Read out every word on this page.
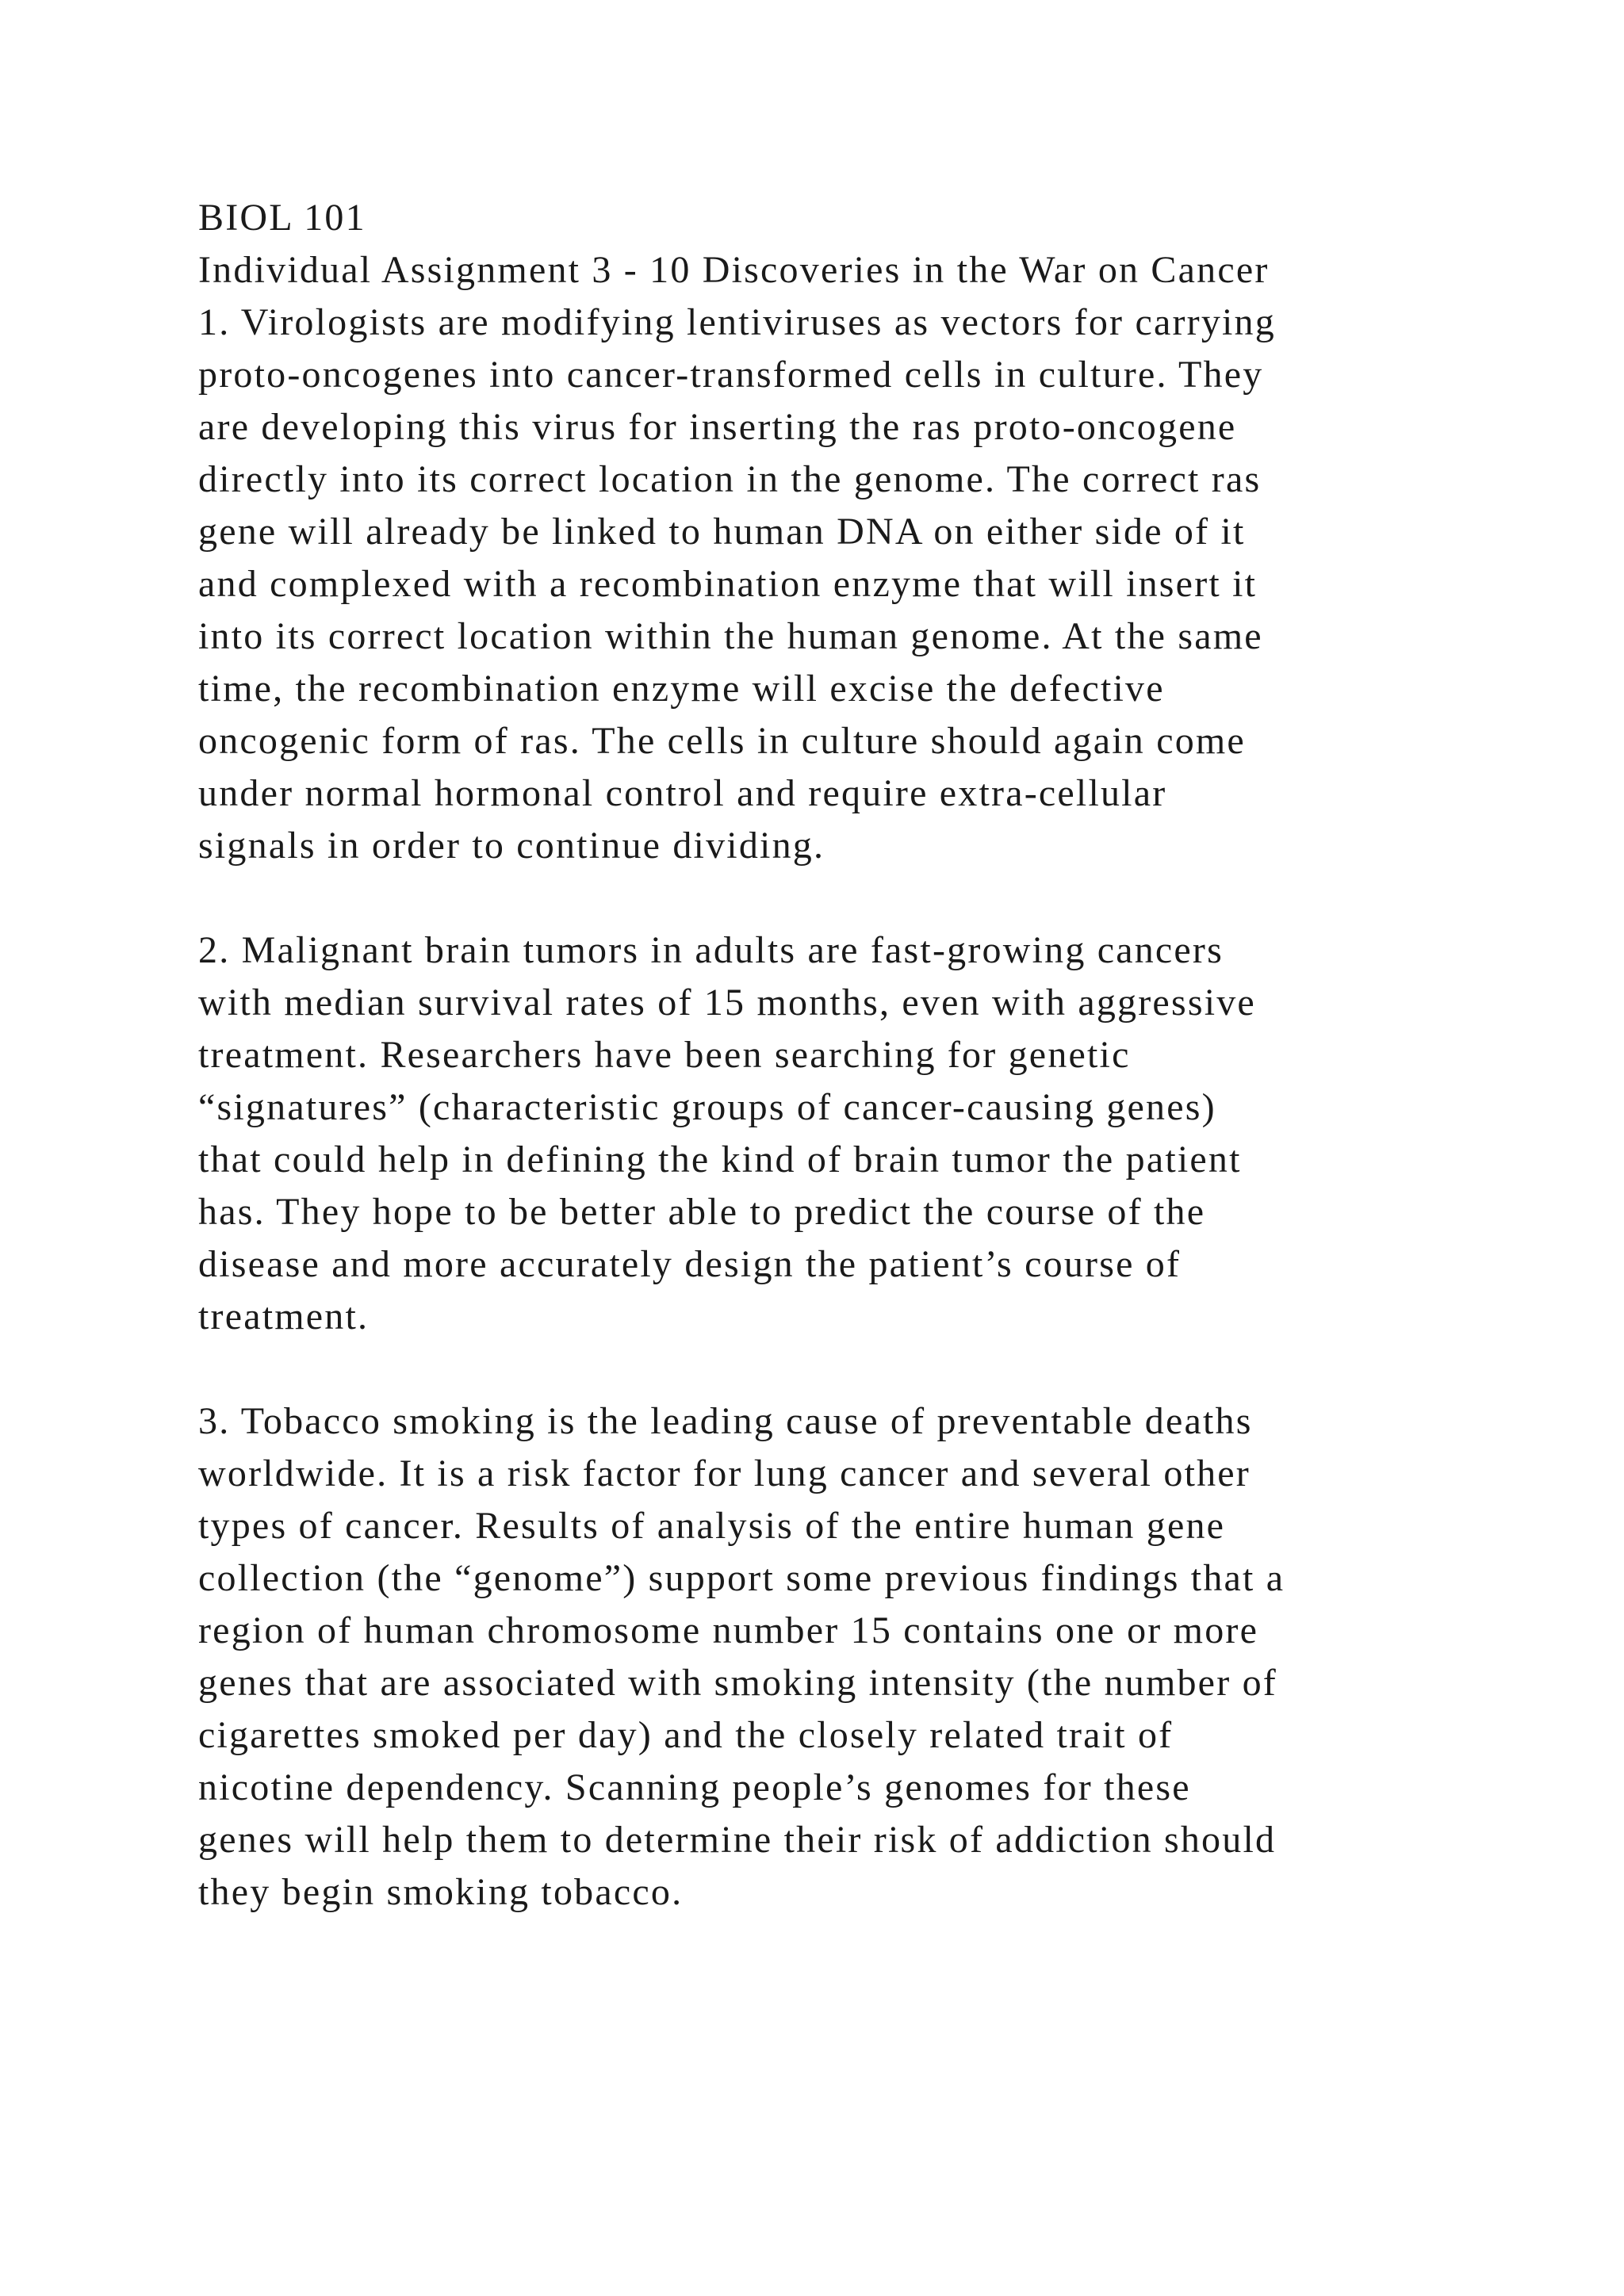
BIOL 101
Individual Assignment 3 - 10 Discoveries in the War on Cancer
1. Virologists are modifying lentiviruses as vectors for carrying
proto-oncogenes into cancer-transformed cells in culture. They
are developing this virus for inserting the ras proto-oncogene
directly into its correct location in the genome. The correct ras
gene will already be linked to human DNA on either side of it
and complexed with a recombination enzyme that will insert it
into its correct location within the human genome. At the same
time, the recombination enzyme will excise the defective
oncogenic form of ras. The cells in culture should again come
under normal hormonal control and require extra-cellular
signals in order to continue dividing.
2. Malignant brain tumors in adults are fast-growing cancers
with median survival rates of 15 months, even with aggressive
treatment. Researchers have been searching for genetic
“signatures” (characteristic groups of cancer-causing genes)
that could help in defining the kind of brain tumor the patient
has. They hope to be better able to predict the course of the
disease and more accurately design the patient’s course of
treatment.
3. Tobacco smoking is the leading cause of preventable deaths
worldwide. It is a risk factor for lung cancer and several other
types of cancer. Results of analysis of the entire human gene
collection (the “genome”) support some previous findings that a
region of human chromosome number 15 contains one or more
genes that are associated with smoking intensity (the number of
cigarettes smoked per day) and the closely related trait of
nicotine dependency. Scanning people’s genomes for these
genes will help them to determine their risk of addiction should
they begin smoking tobacco.
